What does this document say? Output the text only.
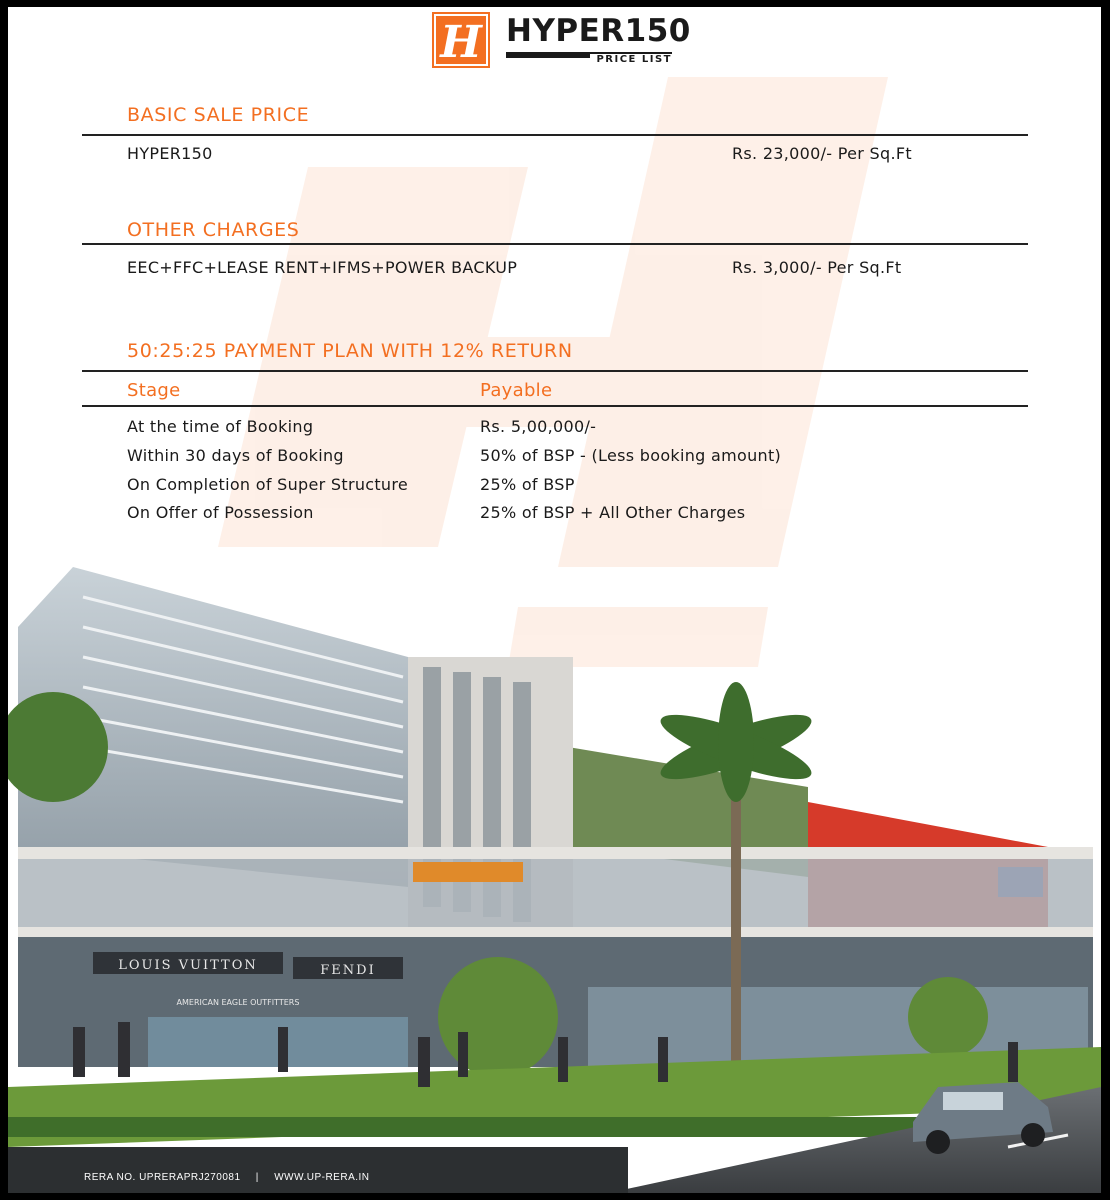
H HYPER150
PRICE LIST
BASIC SALE PRICE
HYPER150	Rs. 23,000/- Per Sq.Ft
OTHER CHARGES
EEC+FFC+LEASE RENT+IFMS+POWER BACKUP	Rs. 3,000/- Per Sq.Ft
50:25:25 PAYMENT PLAN WITH 12% RETURN
Stage	Payable
At the time of Booking	Rs. 5,00,000/-
Within 30 days of Booking	50% of BSP - (Less booking amount)
On Completion of Super Structure	25% of BSP
On Offer of Possession	25% of BSP + All Other Charges
LOUIS VUITTON	FENDI
AMERICAN EAGLE OUTFITTERS
RERA NO. UPRERAPRJ270081 | WWW.UP-RERA.IN
